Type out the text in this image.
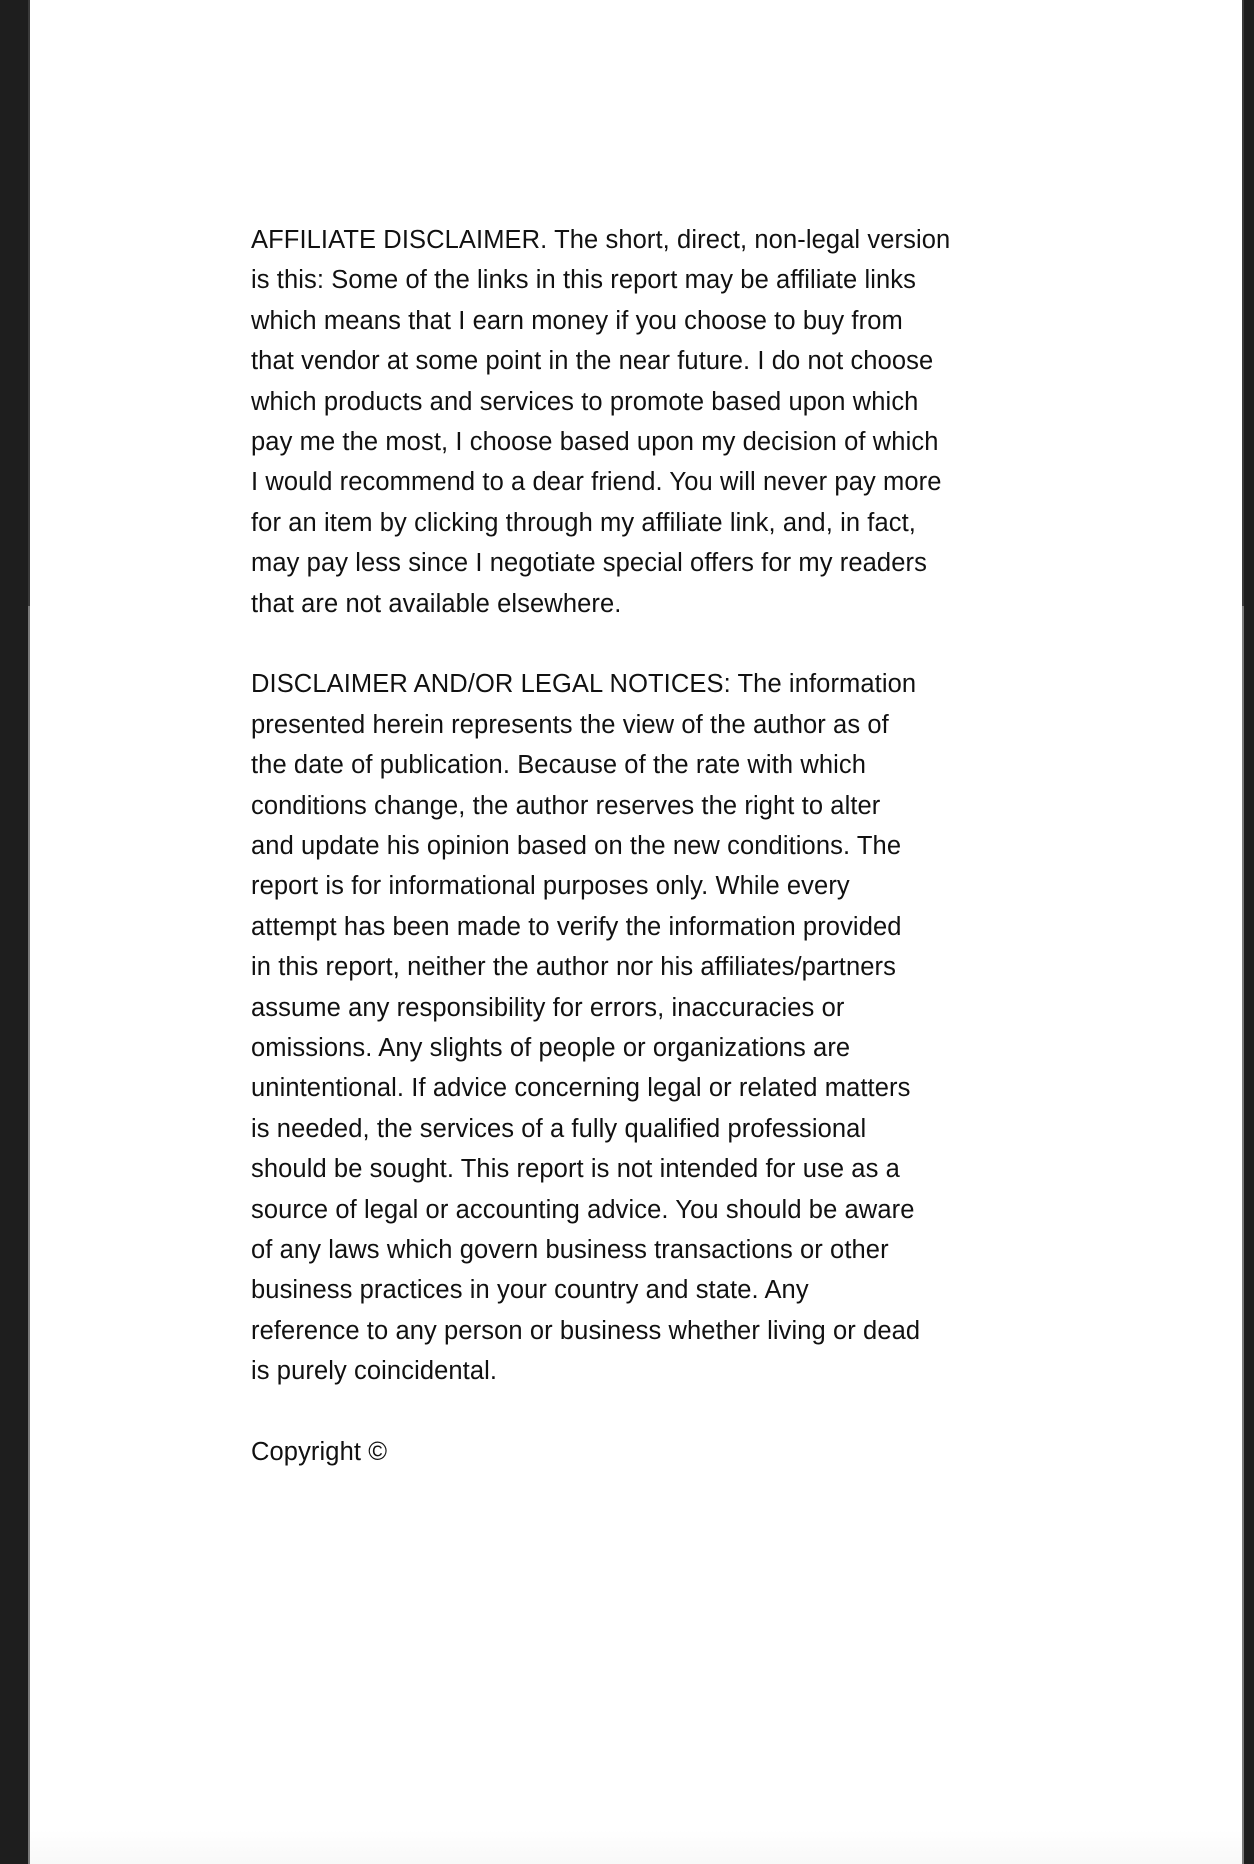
AFFILIATE DISCLAIMER. The short, direct, non-legal version
is this: Some of the links in this report may be affiliate links
which means that I earn money if you choose to buy from
that vendor at some point in the near future. I do not choose
which products and services to promote based upon which
pay me the most, I choose based upon my decision of which
I would recommend to a dear friend. You will never pay more
for an item by clicking through my affiliate link, and, in fact,
may pay less since I negotiate special offers for my readers
that are not available elsewhere.
DISCLAIMER AND/OR LEGAL NOTICES: The information
presented herein represents the view of the author as of
the date of publication. Because of the rate with which
conditions change, the author reserves the right to alter
and update his opinion based on the new conditions. The
report is for informational purposes only. While every
attempt has been made to verify the information provided
in this report, neither the author nor his affiliates/partners
assume any responsibility for errors, inaccuracies or
omissions. Any slights of people or organizations are
unintentional. If advice concerning legal or related matters
is needed, the services of a fully qualified professional
should be sought. This report is not intended for use as a
source of legal or accounting advice. You should be aware
of any laws which govern business transactions or other
business practices in your country and state. Any
reference to any person or business whether living or dead
is purely coincidental.
Copyright ©
